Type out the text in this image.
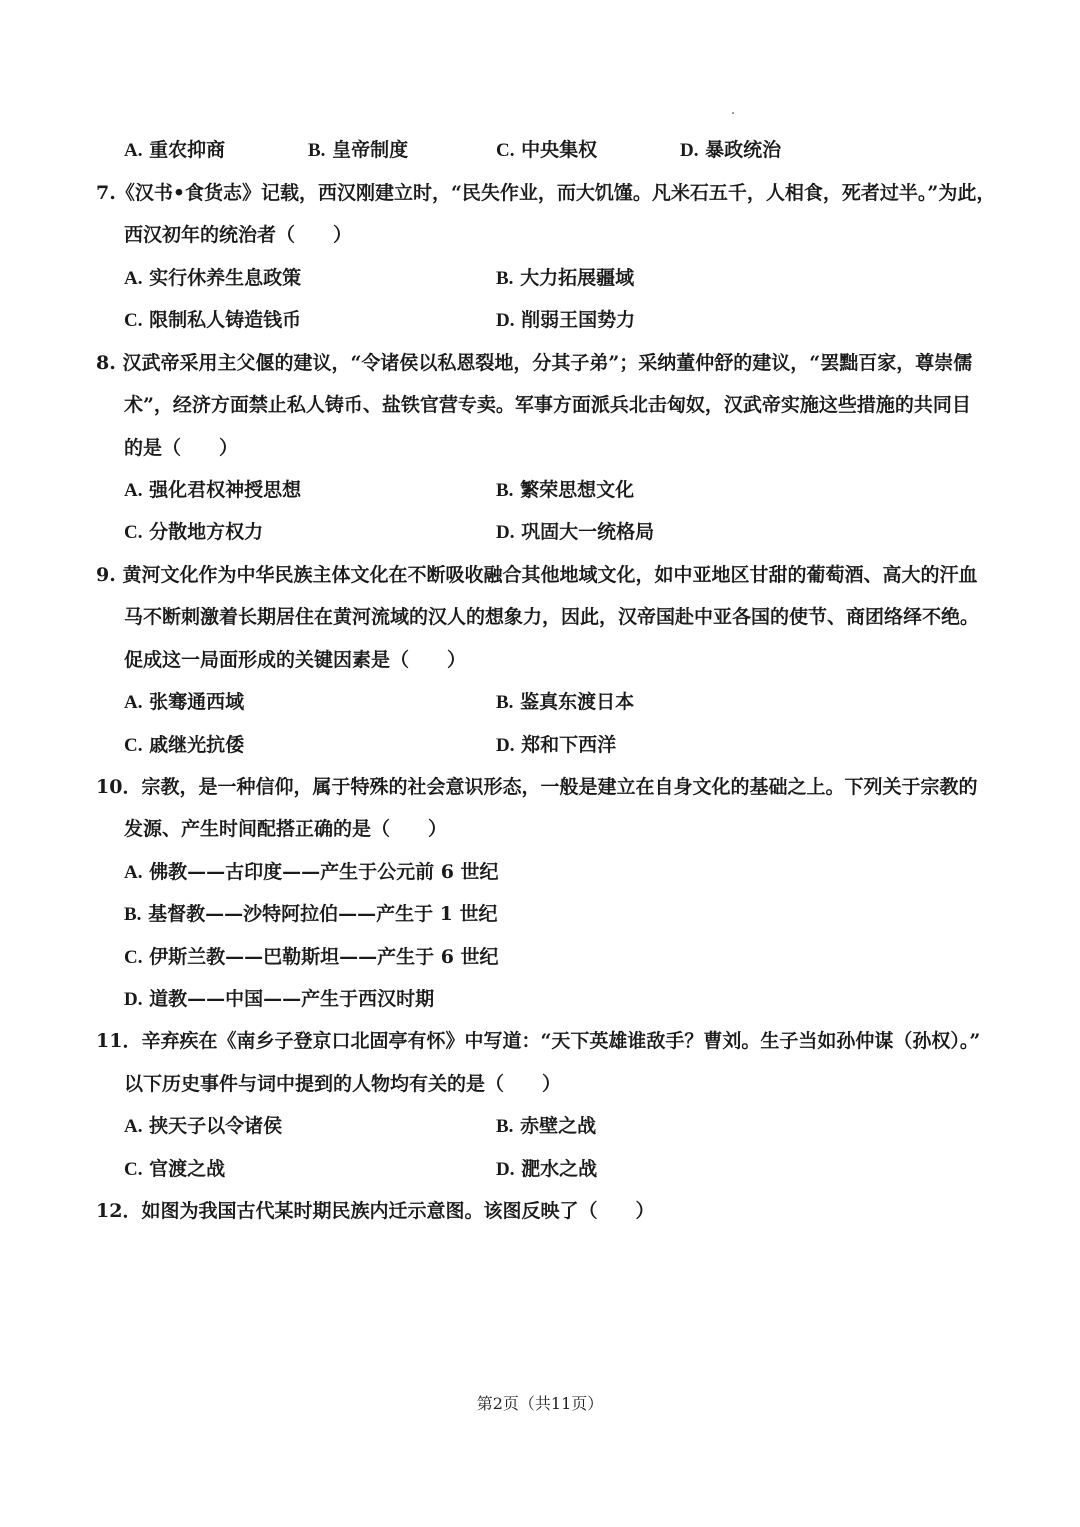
A. 重农抑商	B. 皇帝制度	C. 中央集权	D. 暴政统治
7.《汉书•食货志》记载，西汉刚建立时，“民失作业，而大饥馑。凡米石五千，人相食，死者过半。”为此，
西汉初年的统治者（　　）
A. 实行休养生息政策	B. 大力拓展疆域
C. 限制私人铸造钱币	D. 削弱王国势力
8. 汉武帝采用主父偃的建议，“令诸侯以私恩裂地，分其子弟”；采纳董仲舒的建议，“罢黜百家，尊崇儒
术”，经济方面禁止私人铸币、盐铁官营专卖。军事方面派兵北击匈奴，汉武帝实施这些措施的共同目
的是（　　）
A. 强化君权神授思想	B. 繁荣思想文化
C. 分散地方权力	D. 巩固大一统格局
9. 黄河文化作为中华民族主体文化在不断吸收融合其他地域文化，如中亚地区甘甜的葡萄酒、高大的汗血
马不断刺激着长期居住在黄河流域的汉人的想象力，因此，汉帝国赴中亚各国的使节、商团络绎不绝。
促成这一局面形成的关键因素是（　　）
A. 张骞通西域	B. 鉴真东渡日本
C. 戚继光抗倭	D. 郑和下西洋
10．宗教，是一种信仰，属于特殊的社会意识形态，一般是建立在自身文化的基础之上。下列关于宗教的
发源、产生时间配搭正确的是（　　）
A. 佛教——古印度——产生于公元前 6 世纪
B. 基督教——沙特阿拉伯——产生于 1 世纪
C. 伊斯兰教——巴勒斯坦——产生于 6 世纪
D. 道教——中国——产生于西汉时期
11．辛弃疾在《南乡子登京口北固亭有怀》中写道：“天下英雄谁敌手？曹刘。生子当如孙仲谋（孙权）。”
以下历史事件与词中提到的人物均有关的是（　　）
A. 挟天子以令诸侯	B. 赤壁之战
C. 官渡之战	D. 淝水之战
12．如图为我国古代某时期民族内迁示意图。该图反映了（　　）
第2页（共11页）
